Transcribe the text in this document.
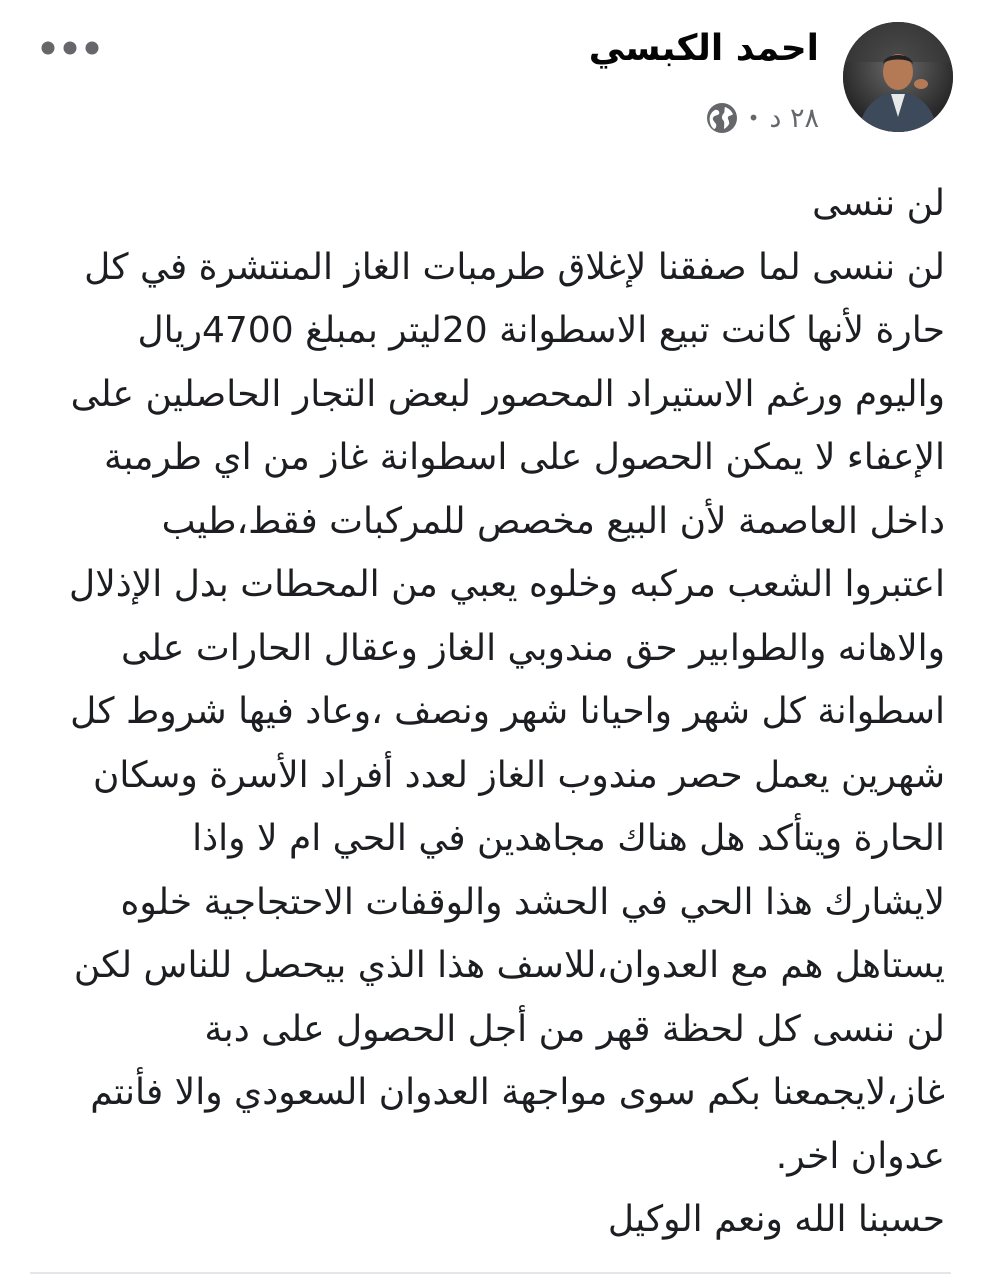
احمد الكبسي
٢٨ د
•
لن ننسى
لن ننسى لما صفقنا لإغلاق طرمبات الغاز المنتشرة في كل
حارة لأنها كانت تبيع الاسطوانة 20ليتر بمبلغ 4700ريال
واليوم ورغم الاستيراد المحصور لبعض التجار الحاصلين على
الإعفاء لا يمكن الحصول على اسطوانة غاز من اي طرمبة
داخل العاصمة لأن البيع مخصص للمركبات فقط،طيب
اعتبروا الشعب مركبه وخلوه يعبي من المحطات بدل الإذلال
والاهانه والطوابير حق مندوبي الغاز وعقال الحارات على
اسطوانة كل شهر واحيانا شهر ونصف ،وعاد فيها شروط كل
شهرين يعمل حصر مندوب الغاز لعدد أفراد الأسرة وسكان
الحارة ويتأكد هل هناك مجاهدين في الحي ام لا واذا
لايشارك هذا الحي في الحشد والوقفات الاحتجاجية خلوه
يستاهل هم مع العدوان،للاسف هذا الذي بيحصل للناس لكن
لن ننسى كل لحظة قهر من أجل الحصول على دبة
غاز،لايجمعنا بكم سوى مواجهة العدوان السعودي والا فأنتم
عدوان اخر.
حسبنا الله ونعم الوكيل
